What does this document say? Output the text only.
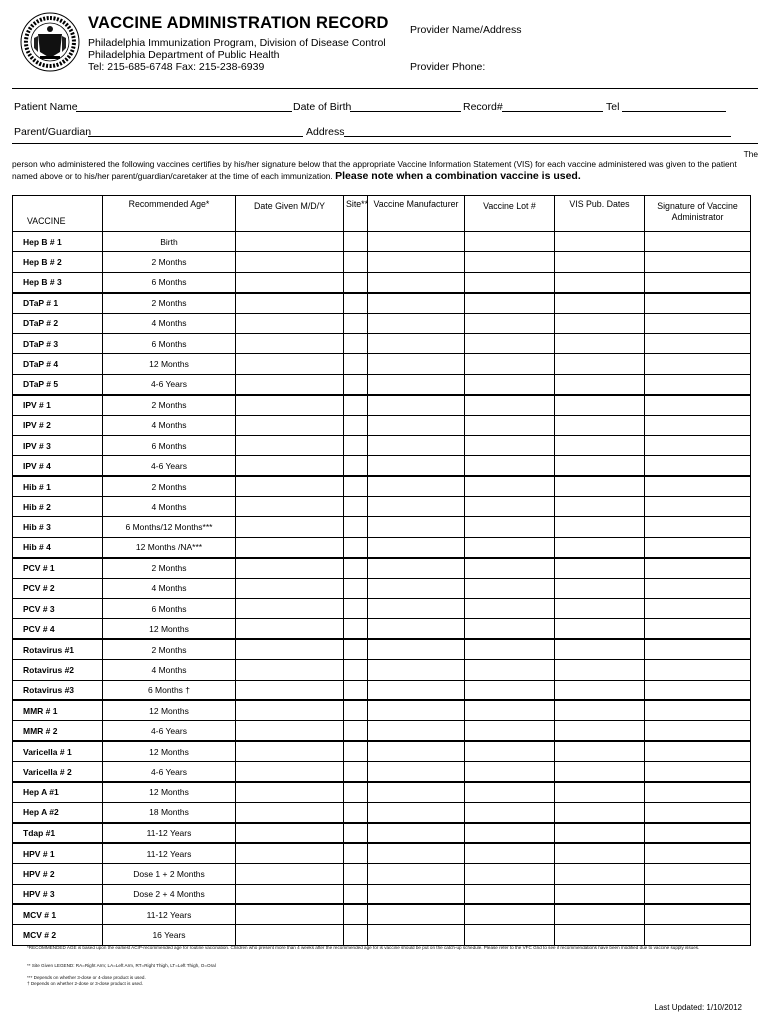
VACCINE ADMINISTRATION RECORD
Philadelphia Immunization Program, Division of Disease Control
Philadelphia Department of Public Health
Tel: 215-685-6748 Fax: 215-238-6939
Provider Name/Address
Provider Phone:
Patient Name	Date of Birth	Record#	Tel
Parent/Guardian	Address
The
person who administered the following vaccines certifies by his/her signature below that the appropriate Vaccine Information Statement (VIS) for each vaccine administered was given to the patient named above or to his/her parent/guardian/caretaker at the time of each immunization. Please note when a combination vaccine is used.
VACCINE	Recommended Age*	Date Given M/D/Y	Site**	Vaccine Manufacturer	Vaccine Lot #	VIS Pub. Dates	Signature of Vaccine Administrator
Hep B # 1	Birth						
Hep B # 2	2 Months						
Hep B # 3	6 Months						
DTaP # 1	2 Months						
DTaP # 2	4 Months						
DTaP # 3	6 Months						
DTaP # 4	12 Months						
DTaP # 5	4-6 Years						
IPV # 1	2 Months						
IPV # 2	4 Months						
IPV # 3	6 Months						
IPV # 4	4-6 Years						
Hib # 1	2 Months						
Hib # 2	4 Months						
Hib # 3	6 Months/12 Months***						
Hib # 4	12 Months /NA***						
PCV # 1	2 Months						
PCV # 2	4 Months						
PCV # 3	6 Months						
PCV # 4	12 Months						
Rotavirus #1	2 Months						
Rotavirus #2	4 Months						
Rotavirus #3	6 Months †						
MMR # 1	12 Months						
MMR # 2	4-6 Years						
Varicella # 1	12 Months						
Varicella # 2	4-6 Years						
Hep A #1	12 Months						
Hep A #2	18 Months						
Tdap #1	11-12 Years						
HPV # 1	11-12 Years						
HPV # 2	Dose 1 + 2 Months						
HPV # 3	Dose 2 + 4 Months						
MCV # 1	11-12 Years						
MCV # 2	16 Years						
*RECOMMENDED AGE is based upon the earliest ACIP-recommended age for routine vaccination. Children who present more than 4 weeks after the recommended age for is vaccine should be put on the catch-up schedule. Please refer to the VFC Grid to see if recommendations have been modified due to vaccine supply issues.
** Site Given LEGEND: RA=Right Arm; LA=Left Arm, RT=Right Thigh, LT=Left Thigh, O=Oral
*** Depends on whether 3-dose or 4-dose product is used.
† Depends on whether 2-dose or 3-dose product is used.
Last Updated: 1/10/2012
